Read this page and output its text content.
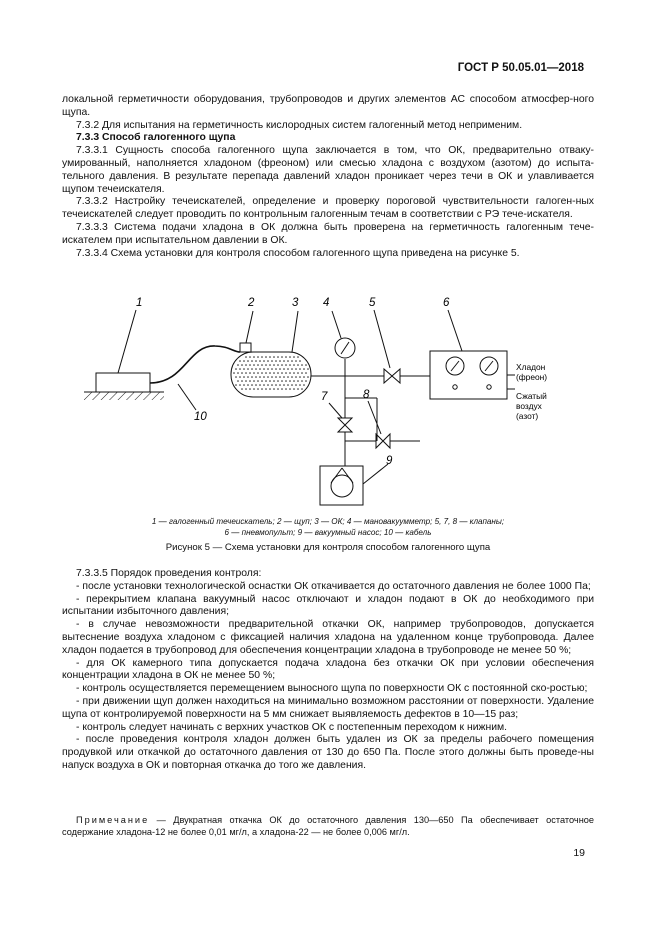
ГОСТ Р 50.05.01—2018

локальной герметичности оборудования, трубопроводов и других элементов АС способом атмосфер-ного щупа.

7.3.2 Для испытания на герметичность кислородных систем галогенный метод неприменим.

7.3.3 Способ галогенного щупа

7.3.3.1 Сущность способа галогенного щупа заключается в том, что ОК, предварительно отваку-умированный, наполняется хладоном (фреоном) или смесью хладона с воздухом (азотом) до испыта-тельного давления. В результате перепада давлений хладон проникает через течи в ОК и улавливается щупом течеискателя.

7.3.3.2 Настройку течеискателей, определение и проверку пороговой чувствительности галоген-ных течеискателей следует проводить по контрольным галогенным течам в соответствии с РЭ тече-искателя.

7.3.3.3 Система подачи хладона в ОК должна быть проверена на герметичность галогенным тече-искателем при испытательном давлении в ОК.

7.3.3.4 Схема установки для контроля способом галогенного щупа приведена на рисунке 5.

1	2	3 4	5	6
7	8
9
10
Хладон (фреон)
Сжатый воздух (азот)
1 — галогенный течеискатель; 2 — щуп; 3 — ОК; 4 — мановакуумметр; 5, 7, 8 — клапаны;
6 — пневмопульт; 9 — вакуумный насос; 10 — кабель
Рисунок 5 — Схема установки для контроля способом галогенного щупа

7.3.3.5 Порядок проведения контроля:

- после установки технологической оснастки ОК откачивается до остаточного давления не более 1000 Па;

- перекрытием клапана вакуумный насос отключают и хладон подают в ОК до необходимого при испытании избыточного давления;

- в случае невозможности предварительной откачки ОК, например трубопроводов, допускается вытеснение воздуха хладоном с фиксацией наличия хладона на удаленном конце трубопровода. Далее хладон подается в трубопровод для обеспечения концентрации хладона в трубопроводе не менее 50 %;

- для ОК камерного типа допускается подача хладона без откачки ОК при условии обеспечения концентрации хладона в ОК не менее 50 %;

- контроль осуществляется перемещением выносного щупа по поверхности ОК с постоянной ско-ростью;

- при движении щуп должен находиться на минимально возможном расстоянии от поверхности. Удаление щупа от контролируемой поверхности на 5 мм снижает выявляемость дефектов в 10—15 раз;

- контроль следует начинать с верхних участков ОК с постепенным переходом к нижним.

- после проведения контроля хладон должен быть удален из ОК за пределы рабочего помещения продувкой или откачкой до остаточного давления от 130 до 650 Па. После этого должны быть проведе-ны напуск воздуха в ОК и повторная откачка до того же давления.

Примечание — Двукратная откачка ОК до остаточного давления 130—650 Па обеспечивает остаточное содержание хладона-12 не более 0,01 мг/л, а хладона-22 — не более 0,006 мг/л.

19
